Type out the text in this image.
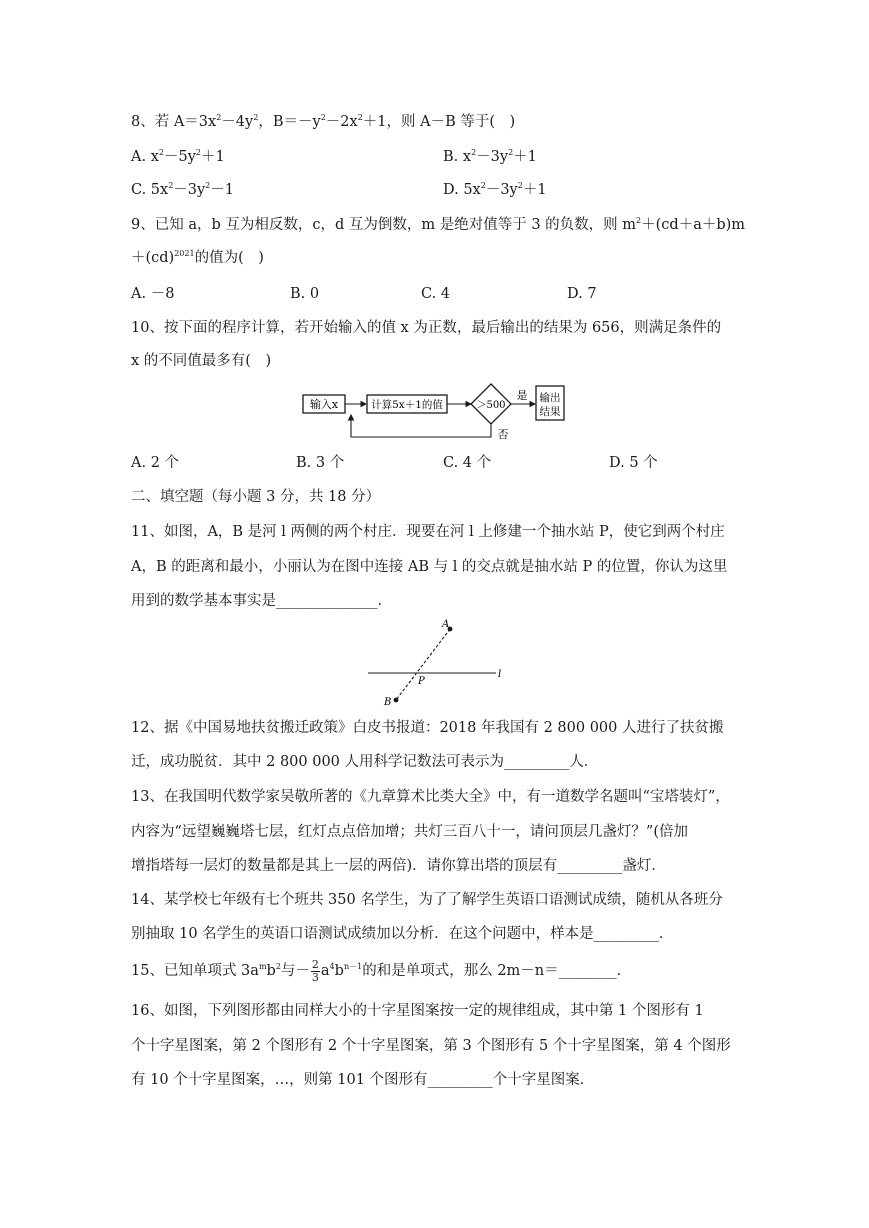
8、若 $A=3x^2-4y^2$，$B=-y^2-2x^2+1$，则 A－B 等于(　)
A. $x^2-5y^2+1$	B. $x^2-3y^2+1$
C. $5x^2-3y^2-1$	D. $5x^2-3y^2+1$
9、已知 a，b 互为相反数，c，d 互为倒数，m 是绝对值等于 3 的负数，则 $m^2+(cd+a+b)m$
＋(cd)$^{2021}$的值为(　)
A. －8	B. 0	C. 4	D. 7
10、按下面的程序计算，若开始输入的值 x 为正数，最后输出的结果为 656，则满足条件的
x 的不同值最多有(　)
输入x	计算5x＋1的值	＞500
是 输出
结果
否
A. 2 个	B. 3 个	C. 4 个	D. 5 个
二、填空题（每小题 3 分，共 18 分）
11、如图，A，B 是河 l 两侧的两个村庄．现要在河 l 上修建一个抽水站 P，使它到两个村庄
A，B 的距离和最小，小丽认为在图中连接 AB 与 l 的交点就是抽水站 P 的位置，你认为这里
用到的数学基本事实是______________．
A
B
P
l
12、据《中国易地扶贫搬迁政策》白皮书报道：2018 年我国有 2 800 000 人进行了扶贫搬
迁，成功脱贫．其中 2 800 000 人用科学记数法可表示为_________人．
13、在我国明代数学家吴敬所著的《九章算术比类大全》中，有一道数学名题叫“宝塔装灯”，
内容为“远望巍巍塔七层，红灯点点倍加增；共灯三百八十一，请问顶层几盏灯？”(倍加
增指塔每一层灯的数量都是其上一层的两倍)．请你算出塔的顶层有_________盏灯．
14、某学校七年级有七个班共 350 名学生，为了了解学生英语口语测试成绩，随机从各班分
别抽取 10 名学生的英语口语测试成绩加以分析．在这个问题中，样本是_________．
15、已知单项式 $3a^mb^2$与－ $\frac{2}{3} a^4b^{n-1}$的和是单项式，那么 2m－n＝________．
16、如图，下列图形都由同样大小的十字星图案按一定的规律组成，其中第 1 个图形有 1
个十字星图案，第 2 个图形有 2 个十字星图案，第 3 个图形有 5 个十字星图案，第 4 个图形
有 10 个十字星图案，…，则第 101 个图形有_________个十字星图案．
